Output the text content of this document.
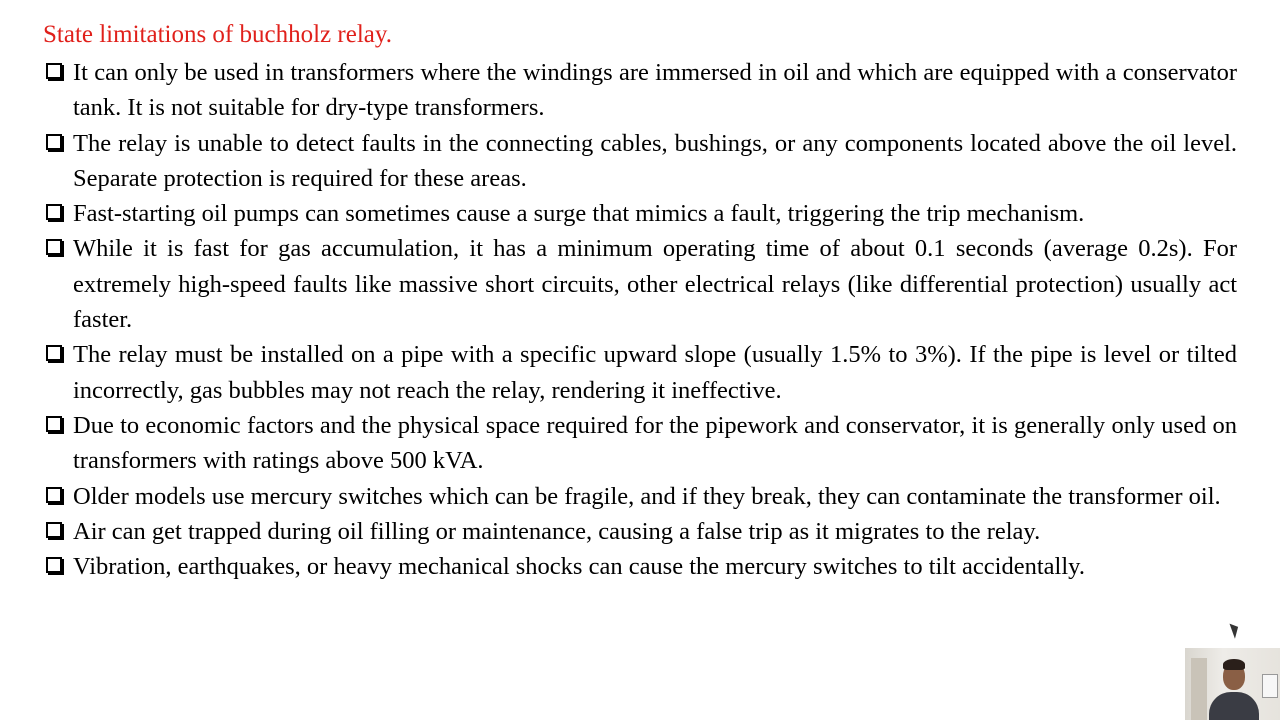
State limitations of buchholz relay.
It can only be used in transformers where the windings are immersed in oil and which are equipped with a conservator tank. It is not suitable for dry-type transformers.
The relay is unable to detect faults in the connecting cables, bushings, or any components located above the oil level. Separate protection is required for these areas.
Fast-starting oil pumps can sometimes cause a surge that mimics a fault, triggering the trip mechanism.
While it is fast for gas accumulation, it has a minimum operating time of about 0.1 seconds (average 0.2s). For extremely high-speed faults like massive short circuits, other electrical relays (like differential protection) usually act faster.
The relay must be installed on a pipe with a specific upward slope (usually 1.5% to 3%). If the pipe is level or tilted incorrectly, gas bubbles may not reach the relay, rendering it ineffective.
Due to economic factors and the physical space required for the pipework and conservator, it is generally only used on transformers with ratings above 500 kVA.
Older models use mercury switches which can be fragile, and if they break, they can contaminate the transformer oil.
Air can get trapped during oil filling or maintenance, causing a false trip as it migrates to the relay.
Vibration, earthquakes, or heavy mechanical shocks can cause the mercury switches to tilt accidentally.
